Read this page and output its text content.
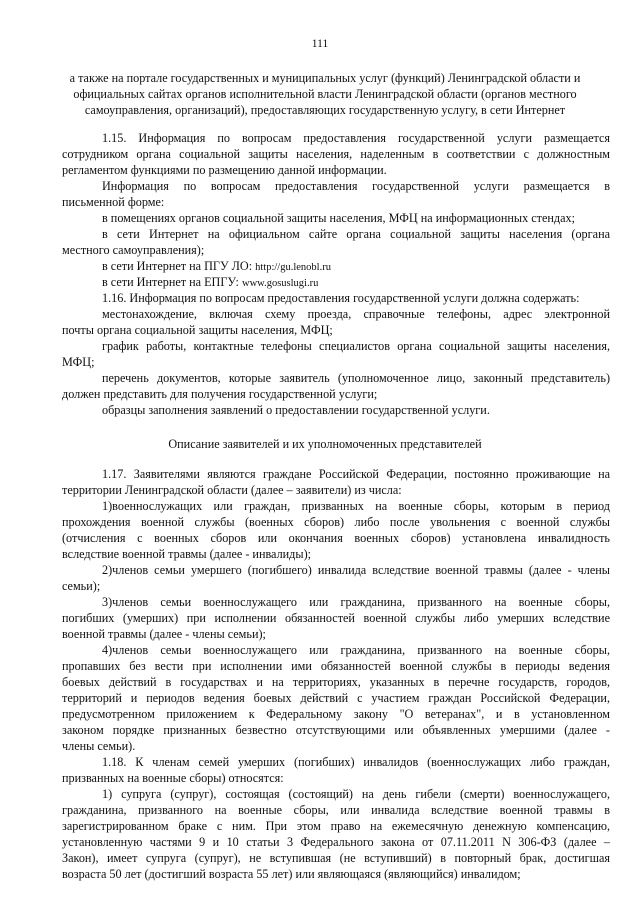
111
а также на портале государственных и муниципальных услуг (функций) Ленинградской области и
официальных сайтах органов исполнительной власти Ленинградской области (органов местного
самоуправления, организаций), предоставляющих государственную услугу, в сети Интернет
1.15. Информация по вопросам предоставления государственной услуги размещается
сотрудником органа социальной защиты населения, наделенным в соответствии с должностным
регламентом функциями по размещению данной информации.
Информация по вопросам предоставления государственной услуги размещается в
письменной форме:
в помещениях органов социальной защиты населения, МФЦ на информационных стендах;
в сети Интернет на официальном сайте органа социальной защиты населения (органа
местного самоуправления);
в сети Интернет на ПГУ ЛО: http://gu.lenobl.ru
в сети Интернет на ЕПГУ: www.gosuslugi.ru
1.16. Информация по вопросам предоставления государственной услуги должна содержать:
местонахождение, включая схему проезда, справочные телефоны, адрес электронной
почты органа социальной защиты населения, МФЦ;
график работы, контактные телефоны специалистов органа социальной защиты населения,
МФЦ;
перечень документов, которые заявитель (уполномоченное лицо, законный представитель)
должен представить для получения государственной услуги;
образцы заполнения заявлений о предоставлении государственной услуги.
Описание заявителей и их уполномоченных представителей
1.17. Заявителями являются граждане Российской Федерации, постоянно проживающие на
территории Ленинградской области (далее – заявители) из числа:
1)военнослужащих или граждан, призванных на военные сборы, которым в период
прохождения военной службы (военных сборов) либо после увольнения с военной службы
(отчисления с военных сборов или окончания военных сборов) установлена инвалидность
вследствие военной травмы (далее - инвалиды);
2)членов семьи умершего (погибшего) инвалида вследствие военной травмы (далее - члены
семьи);
3)членов семьи военнослужащего или гражданина, призванного на военные сборы,
погибших (умерших) при исполнении обязанностей военной службы либо умерших вследствие
военной травмы (далее - члены семьи);
4)членов семьи военнослужащего или гражданина, призванного на военные сборы,
пропавших без вести при исполнении ими обязанностей военной службы в периоды ведения
боевых действий в государствах и на территориях, указанных в перечне государств, городов,
территорий и периодов ведения боевых действий с участием граждан Российской Федерации,
предусмотренном приложением к Федеральному закону "О ветеранах", и в установленном
законом порядке признанных безвестно отсутствующими или объявленных умершими (далее -
члены семьи).
1.18. К членам семей умерших (погибших) инвалидов (военнослужащих либо граждан,
призванных на военные сборы) относятся:
1) супруга (супруг), состоящая (состоящий) на день гибели (смерти) военнослужащего,
гражданина, призванного на военные сборы, или инвалида вследствие военной травмы в
зарегистрированном браке с ним. При этом право на ежемесячную денежную компенсацию,
установленную частями 9 и 10 статьи 3 Федерального закона от 07.11.2011 N 306-ФЗ (далее –
Закон), имеет супруга (супруг), не вступившая (не вступивший) в повторный брак, достигшая
возраста 50 лет (достигший возраста 55 лет) или являющаяся (являющийся) инвалидом;
